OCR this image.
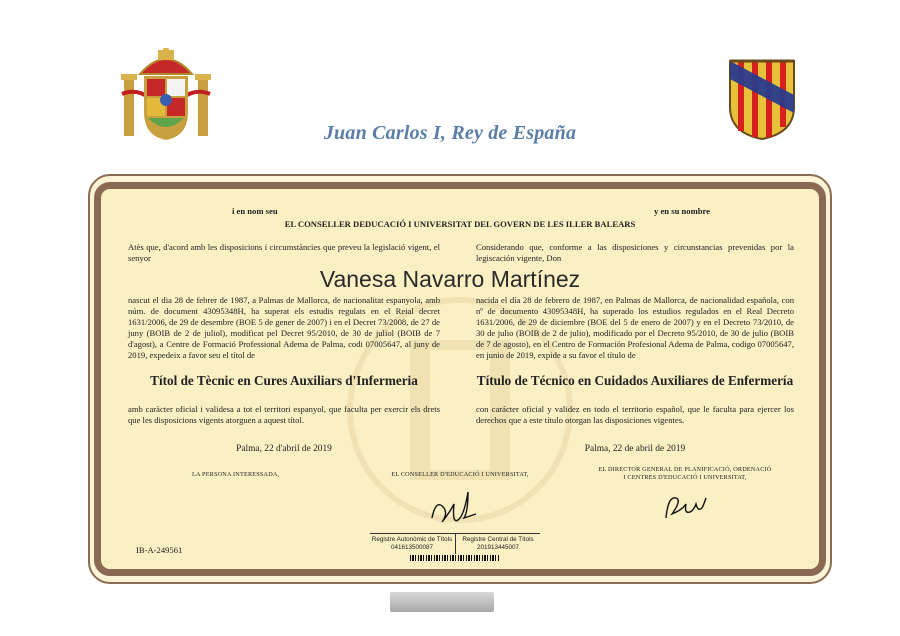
Juan Carlos I, Rey de España
i en nom seu	y en su nombre
EL CONSELLER DEDUCACIÓ I UNIVERSITAT DEL GOVERN DE LES ILLER BALEARS
Atès que, d'acord amb les disposicions i circumstàncies que preveu la legislació vigent, el senyor
Considerando que, conforme a las disposiciones y circunstancias prevenidas por la legiscación vigente, Don
Vanesa Navarro Martínez
nascut el dia 28 de febrer de 1987, a Palmas de Mallorca, de nacionalitat espanyola, amb núm. de document 43095348H, ha superat els estudis regulats en el Reial decret 1631/2006, de 29 de desembre (BOE 5 de gener de 2007) i en el Decret 73/2008, de 27 de juny (BOIB de 2 de juliol), modificat pel Decret 95/2010, de 30 de juliol (BOIB de 7 d'agost), a Centre de Formació Professional Adema de Palma, codi 07005647, al juny de 2019, expedeix a favor seu el títol de
nacida el día 28 de febrero de 1987, en Palmas de Mallorca, de nacionalidad española, con nº de documento 43095348H, ha superado los estudios regulados en el Real Decreto 1631/2006, de 29 de diciembre (BOE del 5 de enero de 2007) y en el Decreto 73/2010, de 30 de julio (BOIB de 2 de julio), modificado por el Decreto 95/2010, de 30 de julio (BOIB de 7 de agosto), en el Centro de Formación Profesional Adema de Palma, codigo 07005647, en junio de 2019, expide a su favor el título de
Títol de Tècnic en Cures Auxiliars d'Infermeria	Título de Técnico en Cuidados Auxiliares de Enfermería
amb caràcter oficial i validesa a tot el territori espanyol, que faculta per exercir els drets que les disposicions vigents atorguen a aquest títol.
con carácter oficial y validez en todo el territorio español, que le faculta para ejercer los derechos que a este título otorgan las disposiciones vigentes.
Palma, 22 d'abril de 2019	Palma, 22 de abril de 2019
LA PERSONA INTERESSADA,	EL CONSELLER D'EDUCACIÓ I UNIVERSITAT,
EL DIRECTOR GENERAL DE PLANIFICACIÓ, ORDENACIÓ
I CENTRES D'EDUCACIÓ I UNIVERSITAT,
IB-A-249561
Registre Autonòmic de Títols
041613500087
Registre Central de Títols
201913445007
